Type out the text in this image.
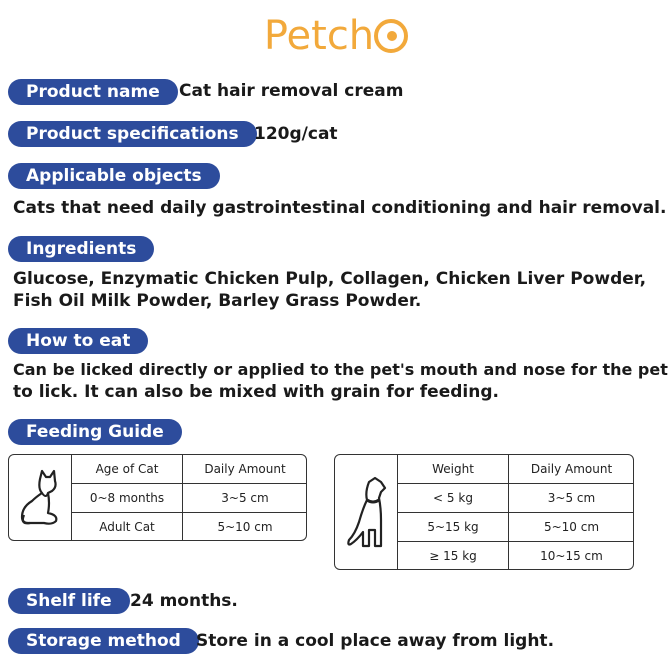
Petch
Product name	Cat hair removal cream
Product specifications 120g/cat
Applicable objects
Cats that need daily gastrointestinal conditioning and hair removal.
Ingredients
Glucose, Enzymatic Chicken Pulp, Collagen, Chicken Liver Powder,
Fish Oil Milk Powder, Barley Grass Powder.
How to eat
Can be licked directly or applied to the pet's mouth and nose for the pet
to lick. It can also be mixed with grain for feeding.
Feeding Guide
Age of Cat	Daily Amount
0~8 months	3~5 cm
Adult Cat	5~10 cm
Weight	Daily Amount
< 5 kg	3~5 cm
5~15 kg	5~10 cm
≥ 15 kg	10~15 cm
Shelf life	24 months.
Storage method Store in a cool place away from light.
